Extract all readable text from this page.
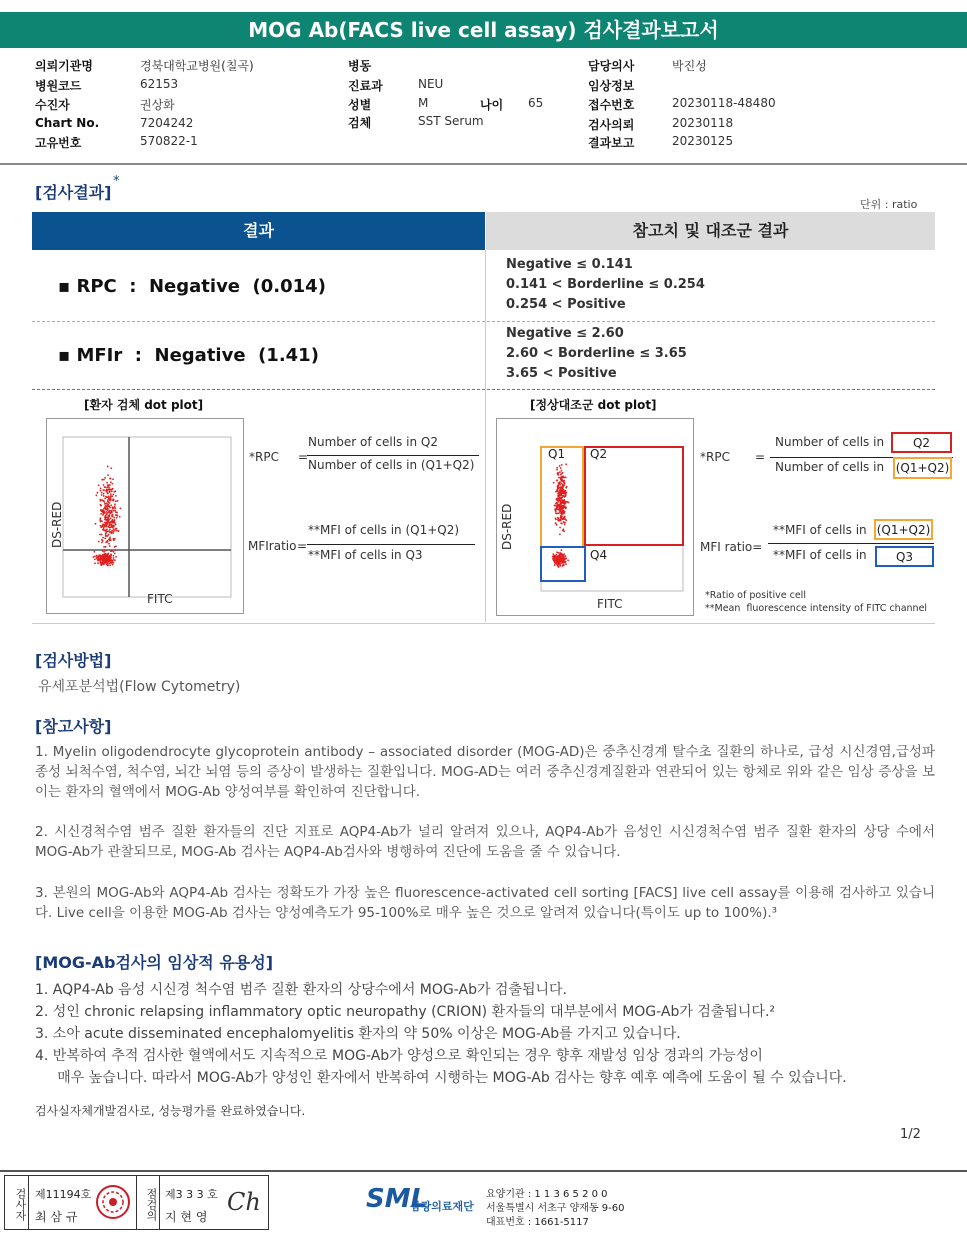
MOG Ab(FACS live cell assay) 검사결과보고서
의뢰기관명	경북대학교병원(칠곡)
병원코드	62153
수진자	권상화
Chart No.	7204242
고유번호	570822-1
병동
진료과	NEU
성별	M	나이 65
검체	SST Serum
담당의사	박진성
임상정보
접수번호	20230118-48480
검사의뢰	20230118
결과보고	20230125
[검사결과]
*
단위 : ratio
결과	참고치 및 대조군 결과
▪ RPC  :  Negative  (0.014)
Negative ≤ 0.141
0.141 < Borderline ≤ 0.254
0.254 < Positive
▪ MFIr  :  Negative  (1.41)
Negative ≤ 2.60
2.60 < Borderline ≤ 3.65
3.65 < Positive
[환자 검체 dot plot]
DS-RED
FITC
*RPC =
Number of cells in Q2
Number of cells in (Q1+Q2)
MFIratio =
**MFI of cells in (Q1+Q2)
**MFI of cells in Q3
[정상대조군 dot plot]
Q1 Q2
Q4
DS-RED
FITC
*RPC =
Number of cells in	Q2
Number of cells in (Q1+Q2)
MFI ratio=
**MFI of cells in (Q1+Q2)
**MFI of cells in	Q3
*Ratio of positive cell
**Mean  fluorescence intensity of FITC channel
[검사방법]
유세포분석법(Flow Cytometry)
[참고사항]
1. Myelin oligodendrocyte glycoprotein antibody – associated disorder (MOG-AD)은 중추신경계 탈수초 질환의 하나로, 급성 시신경염,급성파종성 뇌척수염, 척수염, 뇌간 뇌염 등의 증상이 발생하는 질환입니다. MOG-AD는 여러 중추신경계질환과 연관되어 있는 항체로 위와 같은 임상 증상을 보이는 환자의 혈액에서 MOG-Ab 양성여부를 확인하여 진단합니다.
2. 시신경척수염 범주 질환 환자들의 진단 지표로 AQP4-Ab가 널리 알려져 있으나, AQP4-Ab가 음성인 시신경척수염 범주 질환 환자의 상당 수에서 MOG-Ab가 관찰되므로, MOG-Ab 검사는 AQP4-Ab검사와 병행하여 진단에 도움을 줄 수 있습니다.
3. 본원의 MOG-Ab와 AQP4-Ab 검사는 정확도가 가장 높은 fluorescence-activated cell sorting [FACS] live cell assay를 이용해 검사하고 있습니다. Live cell을 이용한 MOG-Ab 검사는 양성예측도가 95-100%로 매우 높은 것으로 알려져 있습니다(특이도 up to 100%).³
[MOG-Ab검사의 임상적 유용성]
1. AQP4-Ab 음성 시신경 척수염 범주 질환 환자의 상당수에서 MOG-Ab가 검출됩니다.
2. 성인 chronic relapsing inflammatory optic neuropathy (CRION) 환자들의 대부분에서 MOG-Ab가 검출됩니다.²
3. 소아 acute disseminated encephalomyelitis 환자의 약 50% 이상은 MOG-Ab를 가지고 있습니다.
4. 반복하여 추적 검사한 혈액에서도 지속적으로 MOG-Ab가 양성으로 확인되는 경우 향후 재발성 임상 경과의 가능성이
매우 높습니다. 따라서 MOG-Ab가 양성인 환자에서 반복하여 시행하는 MOG-Ab 검사는 향후 예후 예측에 도움이 될 수 있습니다.
검사실자체개발검사로, 성능평가를 완료하였습니다.
1/2
검사자 제11194호
최 삼 규	점검의 제3 3 3 호
지 현 영
Ch	SML
삼광의료재단
요양기관 : 1 1 3 6 5 2 0 0
서울특별시 서초구 양재동 9-60
대표번호 : 1661-5117
